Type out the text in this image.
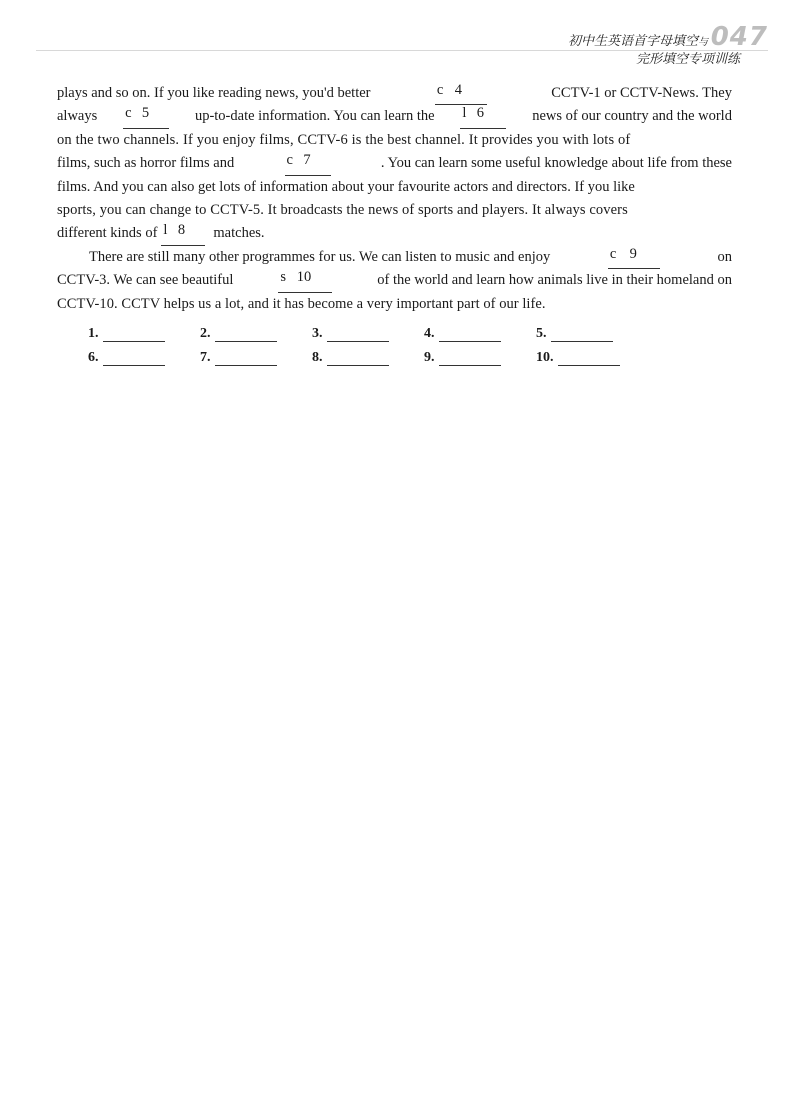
初中生英语首字母填空与
完形填空专项训练
047
plays and so on. If you like reading news, you'd better	c 4	CCTV-1 or CCTV-News. They
always c 5	up-to-date information. You can learn the l 6	news of our country and the world
on the two channels. If you enjoy films, CCTV-6 is the best channel. It provides you with lots of
films, such as horror films and	c 7	. You can learn some useful knowledge about life from these
films. And you can also get lots of information about your favourite actors and directors. If you like
sports, you can change to CCTV-5. It broadcasts the news of sports and players. It always covers
different kinds of l 8	matches.
There are still many other programmes for us. We can listen to music and enjoy	c 9	on
CCTV-3. We can see beautiful	s 10	of the world and learn how animals live in their homeland on
CCTV-10. CCTV helps us a lot, and it has become a very important part of our life.
1.	2.	3.	4.	5.
6.	7.	8.	9.	10.
